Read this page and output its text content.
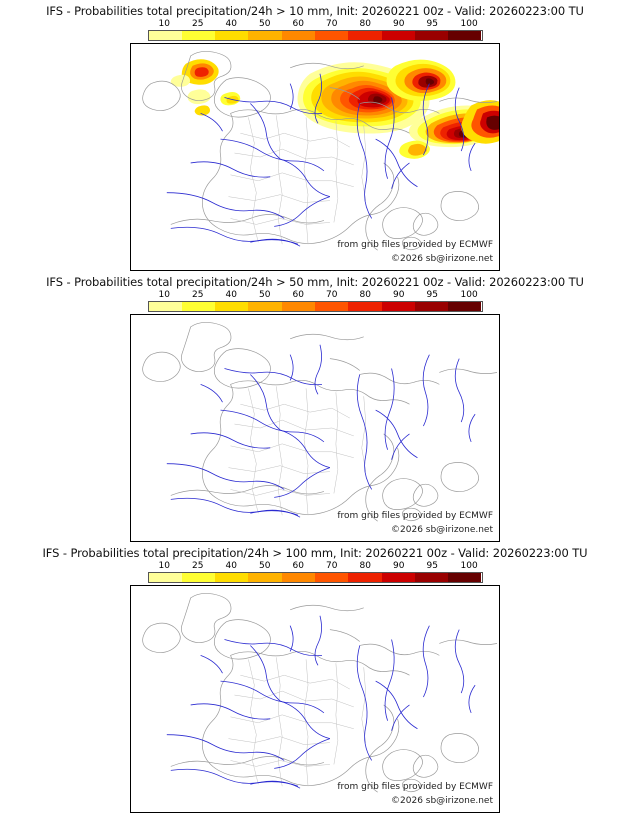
IFS - Probabilities total precipitation/24h > 10 mm, Init: 20260221 00z - Valid: 20260223:00 TU
10 25 40 50 60 70 80 90 95	100
from grib files provided by ECMWF
©2026 sb@irizone.net
IFS - Probabilities total precipitation/24h > 50 mm, Init: 20260221 00z - Valid: 20260223:00 TU
10 25 40 50 60 70 80 90 95	100
from grib files provided by ECMWF
©2026 sb@irizone.net
IFS - Probabilities total precipitation/24h > 100 mm, Init: 20260221 00z - Valid: 20260223:00 TU
10 25 40 50 60 70 80 90 95	100
from grib files provided by ECMWF
©2026 sb@irizone.net
